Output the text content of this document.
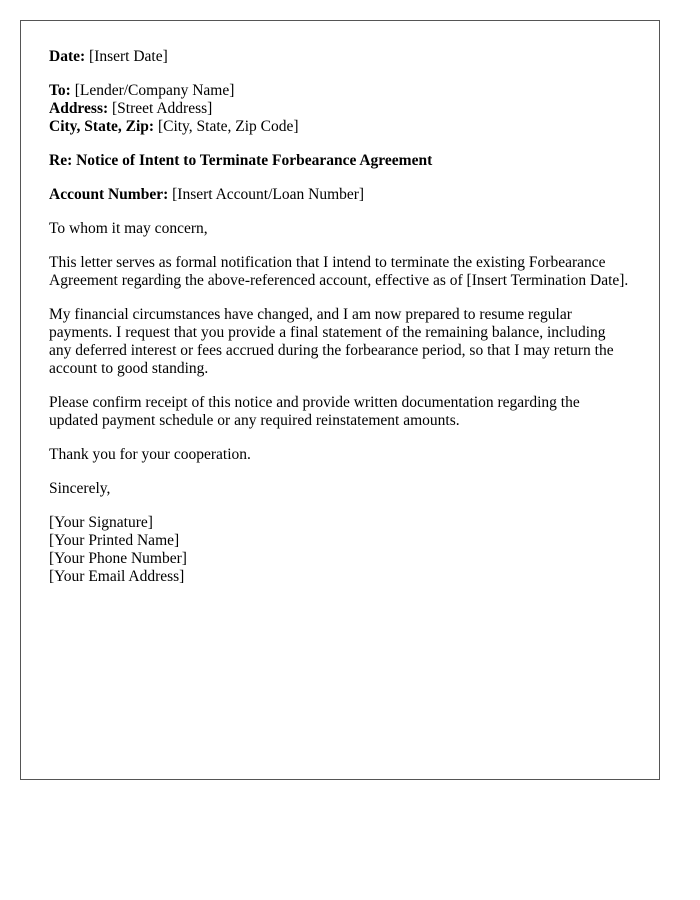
Date: [Insert Date]

To: [Lender/Company Name]
Address: [Street Address]
City, State, Zip: [City, State, Zip Code]

Re: Notice of Intent to Terminate Forbearance Agreement

Account Number: [Insert Account/Loan Number]

To whom it may concern,

This letter serves as formal notification that I intend to terminate the existing Forbearance Agreement regarding the above-referenced account, effective as of [Insert Termination Date].

My financial circumstances have changed, and I am now prepared to resume regular payments. I request that you provide a final statement of the remaining balance, including any deferred interest or fees accrued during the forbearance period, so that I may return the account to good standing.

Please confirm receipt of this notice and provide written documentation regarding the updated payment schedule or any required reinstatement amounts.

Thank you for your cooperation.

Sincerely,

[Your Signature]
[Your Printed Name]
[Your Phone Number]
[Your Email Address]
